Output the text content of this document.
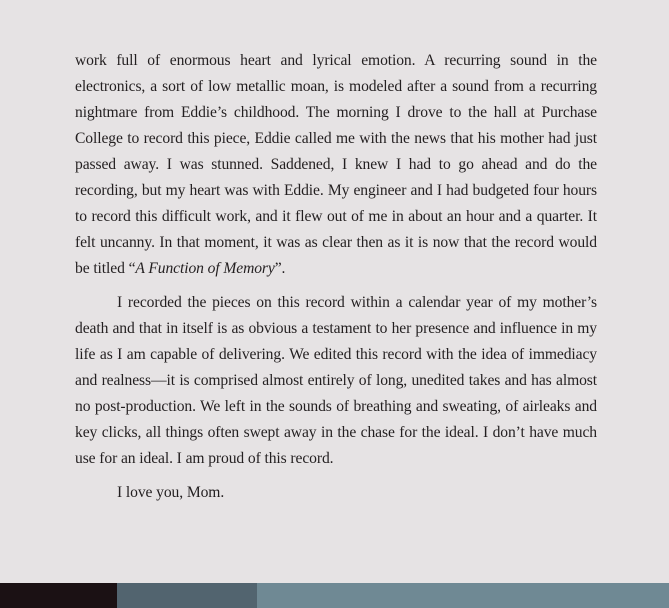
work full of enormous heart and lyrical emotion. A recurring sound in the electronics, a sort of low metallic moan, is modeled after a sound from a recurring nightmare from Eddie’s childhood. The morning I drove to the hall at Purchase College to record this piece, Eddie called me with the news that his mother had just passed away. I was stunned. Saddened, I knew I had to go ahead and do the recording, but my heart was with Eddie. My engineer and I had budgeted four hours to record this difficult work, and it flew out of me in about an hour and a quarter. It felt uncanny. In that moment, it was as clear then as it is now that the record would be titled “A Function of Memory”.

I recorded the pieces on this record within a calendar year of my mother’s death and that in itself is as obvious a testament to her presence and influence in my life as I am capable of delivering. We edited this record with the idea of immediacy and realness—it is comprised almost entirely of long, unedited takes and has almost no post-production. We left in the sounds of breathing and sweating, of airleaks and key clicks, all things often swept away in the chase for the ideal. I don’t have much use for an ideal. I am proud of this record.

I love you, Mom.
